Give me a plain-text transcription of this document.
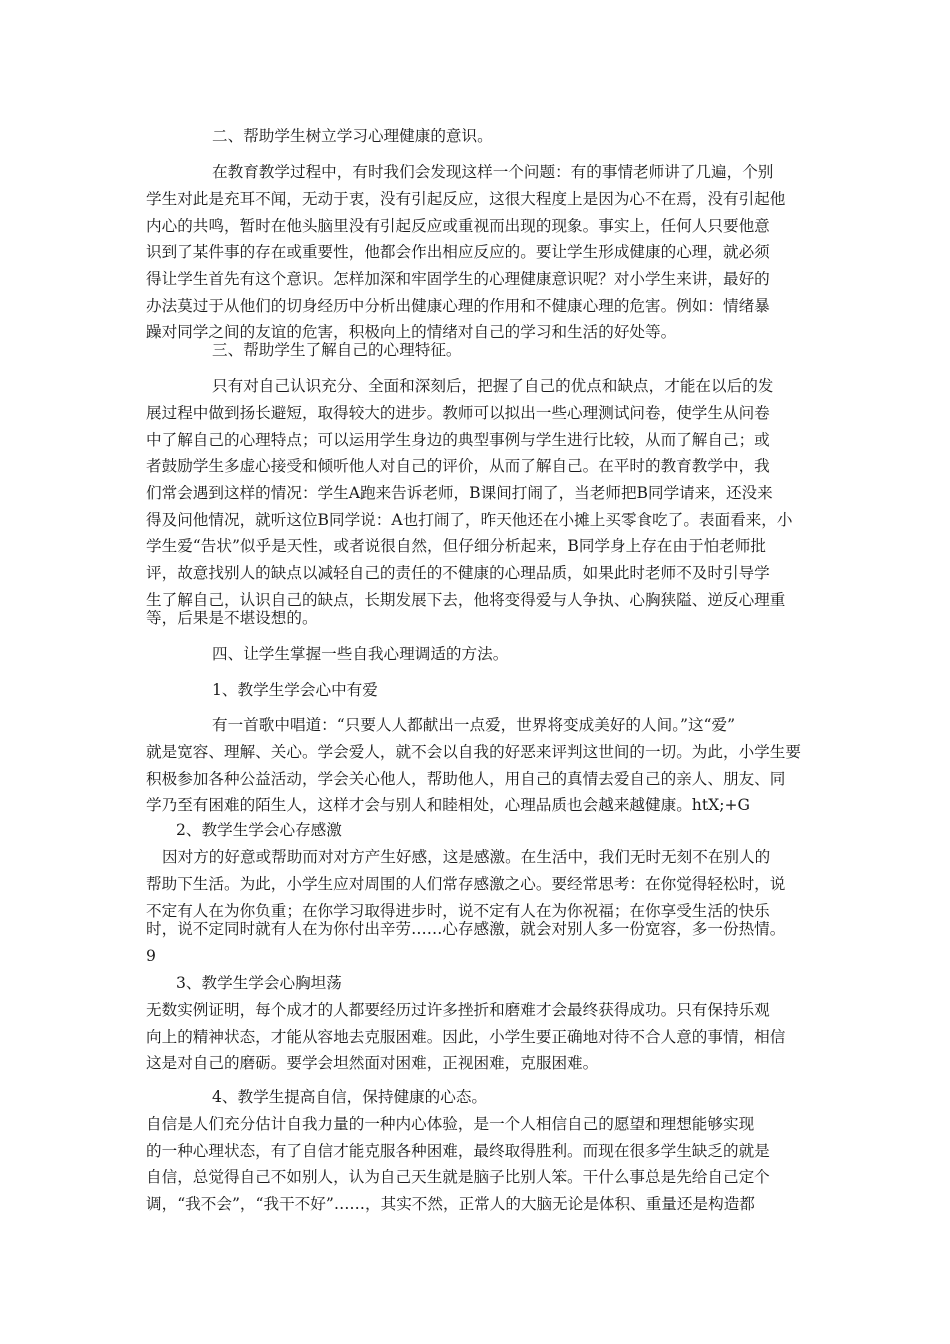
二、帮助学生树立学习心理健康的意识。
在教育教学过程中，有时我们会发现这样一个问题：有的事情老师讲了几遍，个别
学生对此是充耳不闻，无动于衷，没有引起反应，这很大程度上是因为心不在焉，没有引起他
内心的共鸣，暂时在他头脑里没有引起反应或重视而出现的现象。事实上，任何人只要他意
识到了某件事的存在或重要性，他都会作出相应反应的。要让学生形成健康的心理，就必须
得让学生首先有这个意识。怎样加深和牢固学生的心理健康意识呢？对小学生来讲，最好的
办法莫过于从他们的切身经历中分析出健康心理的作用和不健康心理的危害。例如：情绪暴
躁对同学之间的友谊的危害，积极向上的情绪对自己的学习和生活的好处等。
三、帮助学生了解自己的心理特征。
只有对自己认识充分、全面和深刻后，把握了自己的优点和缺点，才能在以后的发
展过程中做到扬长避短，取得较大的进步。教师可以拟出一些心理测试问卷，使学生从问卷
中了解自己的心理特点；可以运用学生身边的典型事例与学生进行比较，从而了解自己；或
者鼓励学生多虚心接受和倾听他人对自己的评价，从而了解自己。在平时的教育教学中，我
们常会遇到这样的情况：学生A跑来告诉老师，B课间打闹了，当老师把B同学请来，还没来
得及问他情况，就听这位B同学说：A也打闹了，昨天他还在小摊上买零食吃了。表面看来，小
学生爱“告状”似乎是天性，或者说很自然，但仔细分析起来，B同学身上存在由于怕老师批
评，故意找别人的缺点以减轻自己的责任的不健康的心理品质，如果此时老师不及时引导学
生了解自己，认识自己的缺点，长期发展下去，他将变得爱与人争执、心胸狭隘、逆反心理重
等，后果是不堪设想的。
四、让学生掌握一些自我心理调适的方法。
1、教学生学会心中有爱
有一首歌中唱道：“只要人人都献出一点爱，世界将变成美好的人间。”这“爱”
就是宽容、理解、关心。学会爱人，就不会以自我的好恶来评判这世间的一切。为此，小学生要
积极参加各种公益活动，学会关心他人，帮助他人，用自己的真情去爱自己的亲人、朋友、同
学乃至有困难的陌生人，这样才会与别人和睦相处，心理品质也会越来越健康。htX;+G
2、教学生学会心存感激
因对方的好意或帮助而对对方产生好感，这是感激。在生活中，我们无时无刻不在别人的
帮助下生活。为此，小学生应对周围的人们常存感激之心。要经常思考：在你觉得轻松时，说
不定有人在为你负重；在你学习取得进步时，说不定有人在为你祝福；在你享受生活的快乐
时，说不定同时就有人在为你付出辛劳……心存感激，就会对别人多一份宽容，多一份热情。
9
3、教学生学会心胸坦荡
无数实例证明，每个成才的人都要经历过许多挫折和磨难才会最终获得成功。只有保持乐观
向上的精神状态，才能从容地去克服困难。因此，小学生要正确地对待不合人意的事情，相信
这是对自己的磨砺。要学会坦然面对困难，正视困难，克服困难。
4、教学生提高自信，保持健康的心态。
自信是人们充分估计自我力量的一种内心体验，是一个人相信自己的愿望和理想能够实现
的一种心理状态，有了自信才能克服各种困难，最终取得胜利。而现在很多学生缺乏的就是
自信，总觉得自己不如别人，认为自己天生就是脑子比别人笨。干什么事总是先给自己定个
调，“我不会”，“我干不好”……，其实不然，正常人的大脑无论是体积、重量还是构造都
